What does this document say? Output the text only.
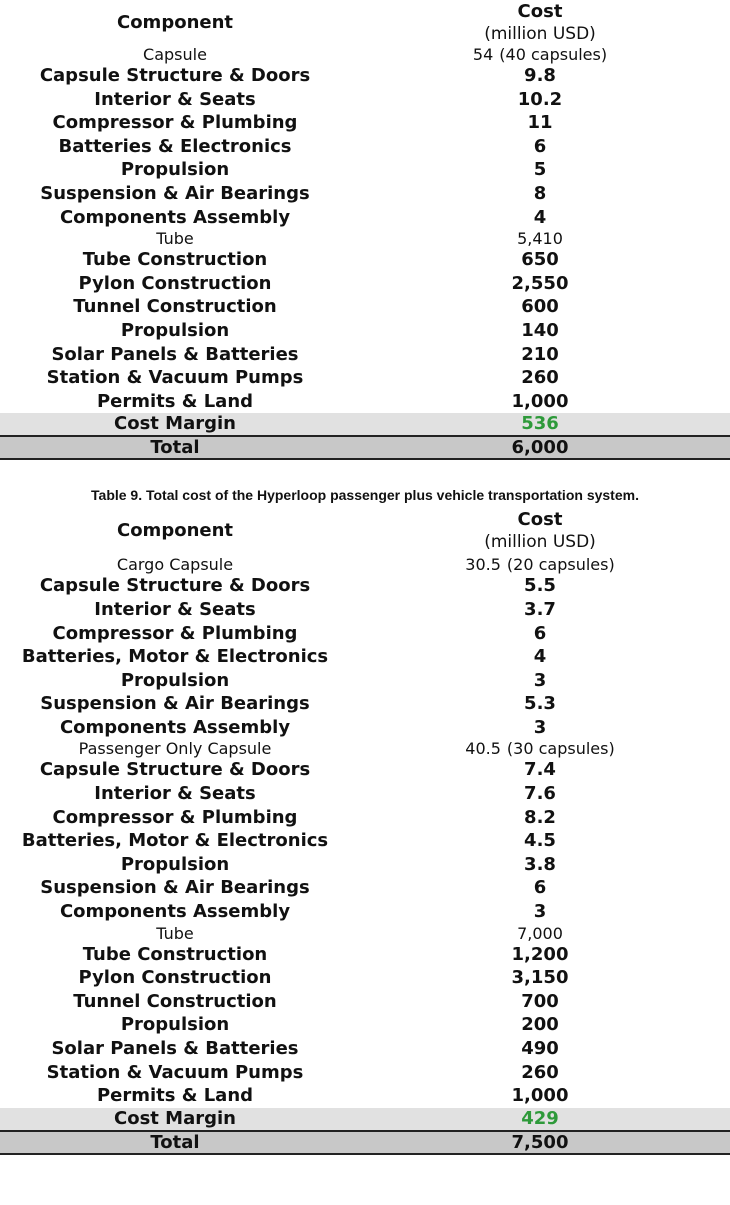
Component	Cost
(million USD)

Capsule	54 (40 capsules)
Capsule Structure & Doors	9.8
Interior & Seats	10.2
Compressor & Plumbing	11
Batteries & Electronics	6
Propulsion	5
Suspension & Air Bearings	8
Components Assembly	4
Tube	5,410
Tube Construction	650
Pylon Construction	2,550
Tunnel Construction	600
Propulsion	140
Solar Panels & Batteries	210
Station & Vacuum Pumps	260
Permits & Land	1,000
Cost Margin	536
Total	6,000
Table 9. Total cost of the Hyperloop passenger plus vehicle transportation system.
Component	Cost
(million USD)

Cargo Capsule	30.5 (20 capsules)
Capsule Structure & Doors	5.5
Interior & Seats	3.7
Compressor & Plumbing	6
Batteries, Motor & Electronics	4
Propulsion	3
Suspension & Air Bearings	5.3
Components Assembly	3
Passenger Only Capsule	40.5 (30 capsules)
Capsule Structure & Doors	7.4
Interior & Seats	7.6
Compressor & Plumbing	8.2
Batteries, Motor & Electronics	4.5
Propulsion	3.8
Suspension & Air Bearings	6
Components Assembly	3
Tube	7,000
Tube Construction	1,200
Pylon Construction	3,150
Tunnel Construction	700
Propulsion	200
Solar Panels & Batteries	490
Station & Vacuum Pumps	260
Permits & Land	1,000
Cost Margin	429
Total	7,500
